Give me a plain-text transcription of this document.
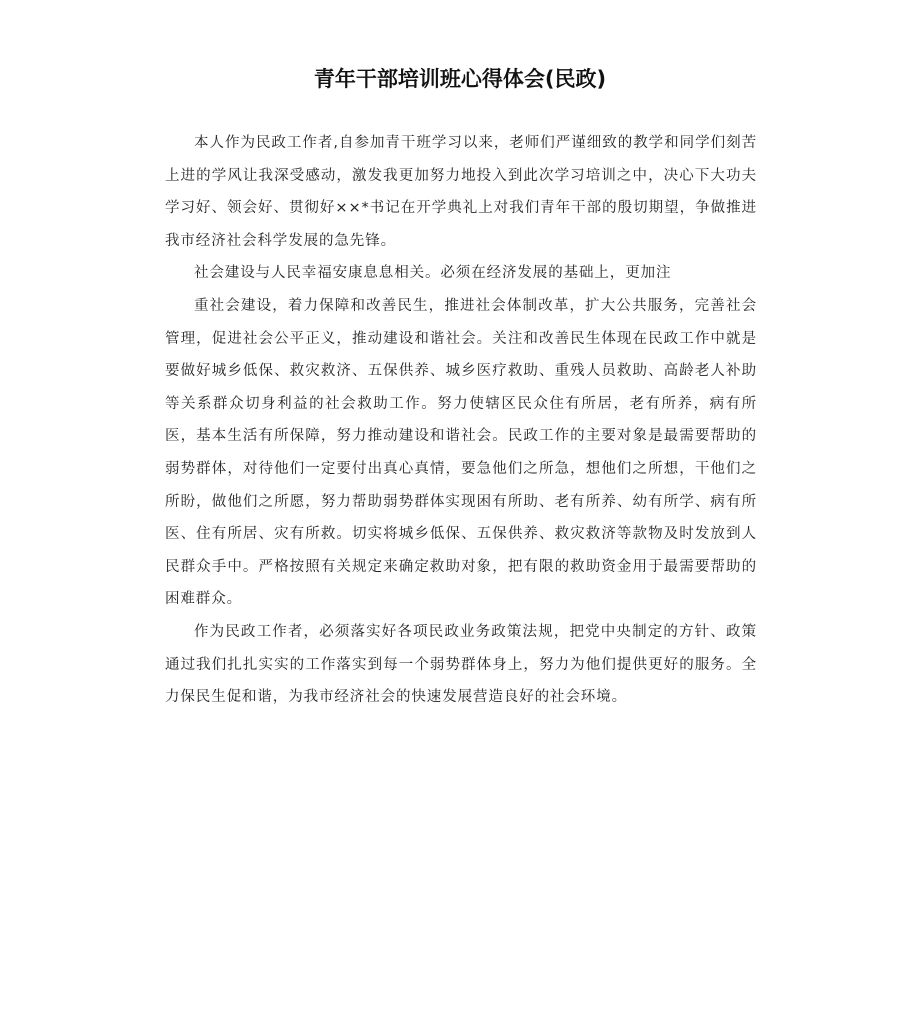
青年干部培训班心得体会(民政)

本人作为民政工作者,自参加青干班学习以来，老师们严谨细致的教学和同学们刻苦上进的学风让我深受感动，激发我更加努力地投入到此次学习培训之中，决心下大功夫学习好、领会好、贯彻好××*书记在开学典礼上对我们青年干部的殷切期望，争做推进我市经济社会科学发展的急先锋。

社会建设与人民幸福安康息息相关。必须在经济发展的基础上，更加注

重社会建设，着力保障和改善民生，推进社会体制改革，扩大公共服务，完善社会管理，促进社会公平正义，推动建设和谐社会。关注和改善民生体现在民政工作中就是要做好城乡低保、救灾救济、五保供养、城乡医疗救助、重残人员救助、高龄老人补助等关系群众切身利益的社会救助工作。努力使辖区民众住有所居，老有所养，病有所医，基本生活有所保障，努力推动建设和谐社会。民政工作的主要对象是最需要帮助的弱势群体，对待他们一定要付出真心真情，要急他们之所急，想他们之所想，干他们之所盼，做他们之所愿，努力帮助弱势群体实现困有所助、老有所养、幼有所学、病有所医、住有所居、灾有所救。切实将城乡低保、五保供养、救灾救济等款物及时发放到人民群众手中。严格按照有关规定来确定救助对象，把有限的救助资金用于最需要帮助的困难群众。

作为民政工作者，必须落实好各项民政业务政策法规，把党中央制定的方针、政策通过我们扎扎实实的工作落实到每一个弱势群体身上，努力为他们提供更好的服务。全力保民生促和谐，为我市经济社会的快速发展营造良好的社会环境。
